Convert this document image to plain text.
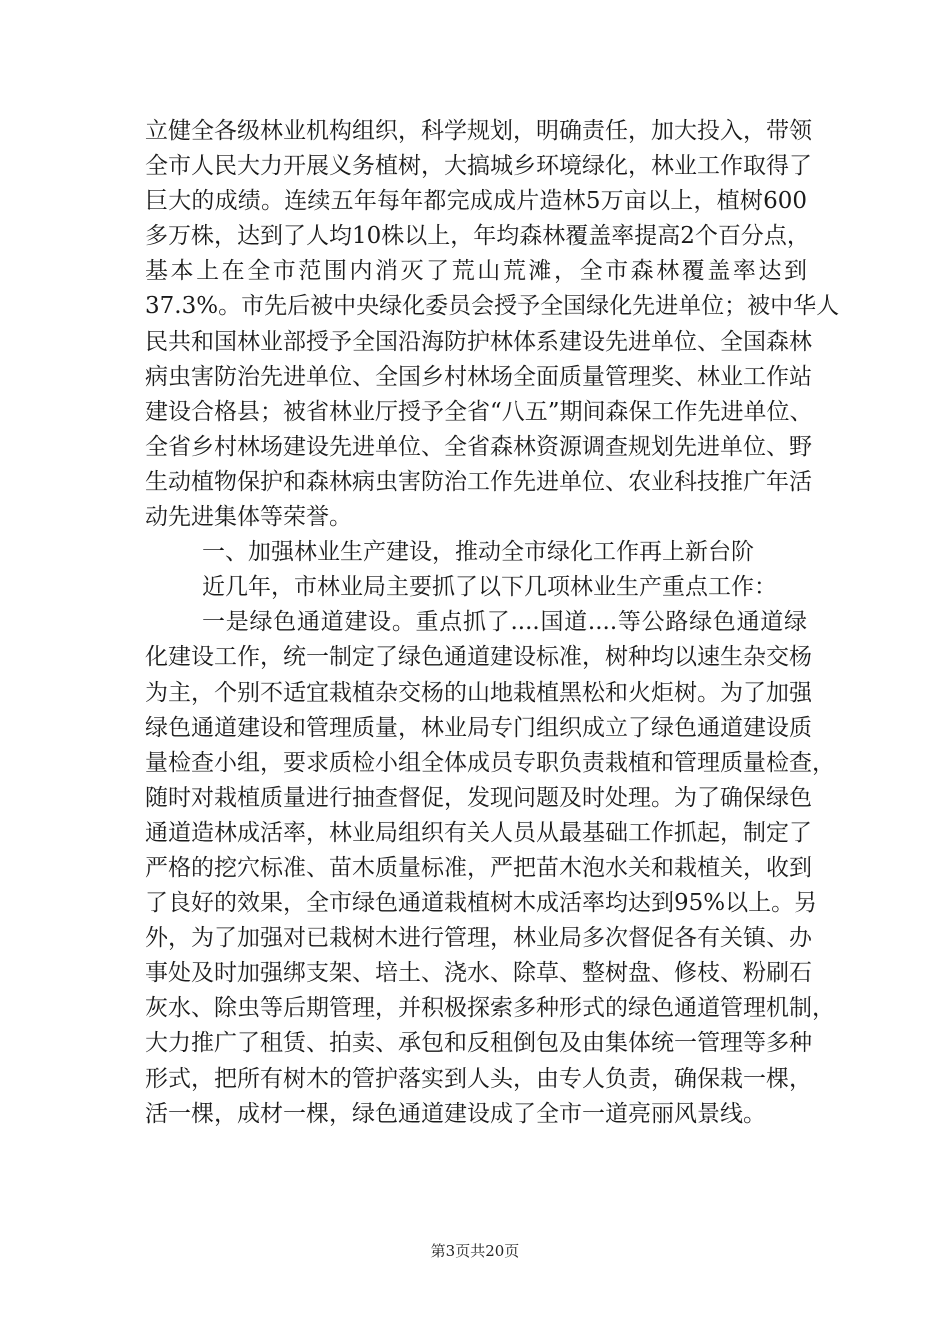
立健全各级林业机构组织，科学规划，明确责任，加大投入，带领
全市人民大力开展义务植树，大搞城乡环境绿化，林业工作取得了
巨大的成绩。连续五年每年都完成成片造林5万亩以上，植树600
多万株，达到了人均10株以上，年均森林覆盖率提高2个百分点，
基本上在全市范围内消灭了荒山荒滩，全市森林覆盖率达到
37.3%。市先后被中央绿化委员会授予全国绿化先进单位；被中华人
民共和国林业部授予全国沿海防护林体系建设先进单位、全国森林
病虫害防治先进单位、全国乡村林场全面质量管理奖、林业工作站
建设合格县；被省林业厅授予全省“八五”期间森保工作先进单位、
全省乡村林场建设先进单位、全省森林资源调查规划先进单位、野
生动植物保护和森林病虫害防治工作先进单位、农业科技推广年活
动先进集体等荣誉。
一、加强林业生产建设，推动全市绿化工作再上新台阶
近几年，市林业局主要抓了以下几项林业生产重点工作：
一是绿色通道建设。重点抓了....国道....等公路绿色通道绿
化建设工作，统一制定了绿色通道建设标准，树种均以速生杂交杨
为主，个别不适宜栽植杂交杨的山地栽植黑松和火炬树。为了加强
绿色通道建设和管理质量，林业局专门组织成立了绿色通道建设质
量检查小组，要求质检小组全体成员专职负责栽植和管理质量检查，
随时对栽植质量进行抽查督促，发现问题及时处理。为了确保绿色
通道造林成活率，林业局组织有关人员从最基础工作抓起，制定了
严格的挖穴标准、苗木质量标准，严把苗木泡水关和栽植关，收到
了良好的效果，全市绿色通道栽植树木成活率均达到95%以上。另
外，为了加强对已栽树木进行管理，林业局多次督促各有关镇、办
事处及时加强绑支架、培土、浇水、除草、整树盘、修枝、粉刷石
灰水、除虫等后期管理，并积极探索多种形式的绿色通道管理机制，
大力推广了租赁、拍卖、承包和反租倒包及由集体统一管理等多种
形式，把所有树木的管护落实到人头，由专人负责，确保栽一棵，
活一棵，成材一棵，绿色通道建设成了全市一道亮丽风景线。
第3页共20页
